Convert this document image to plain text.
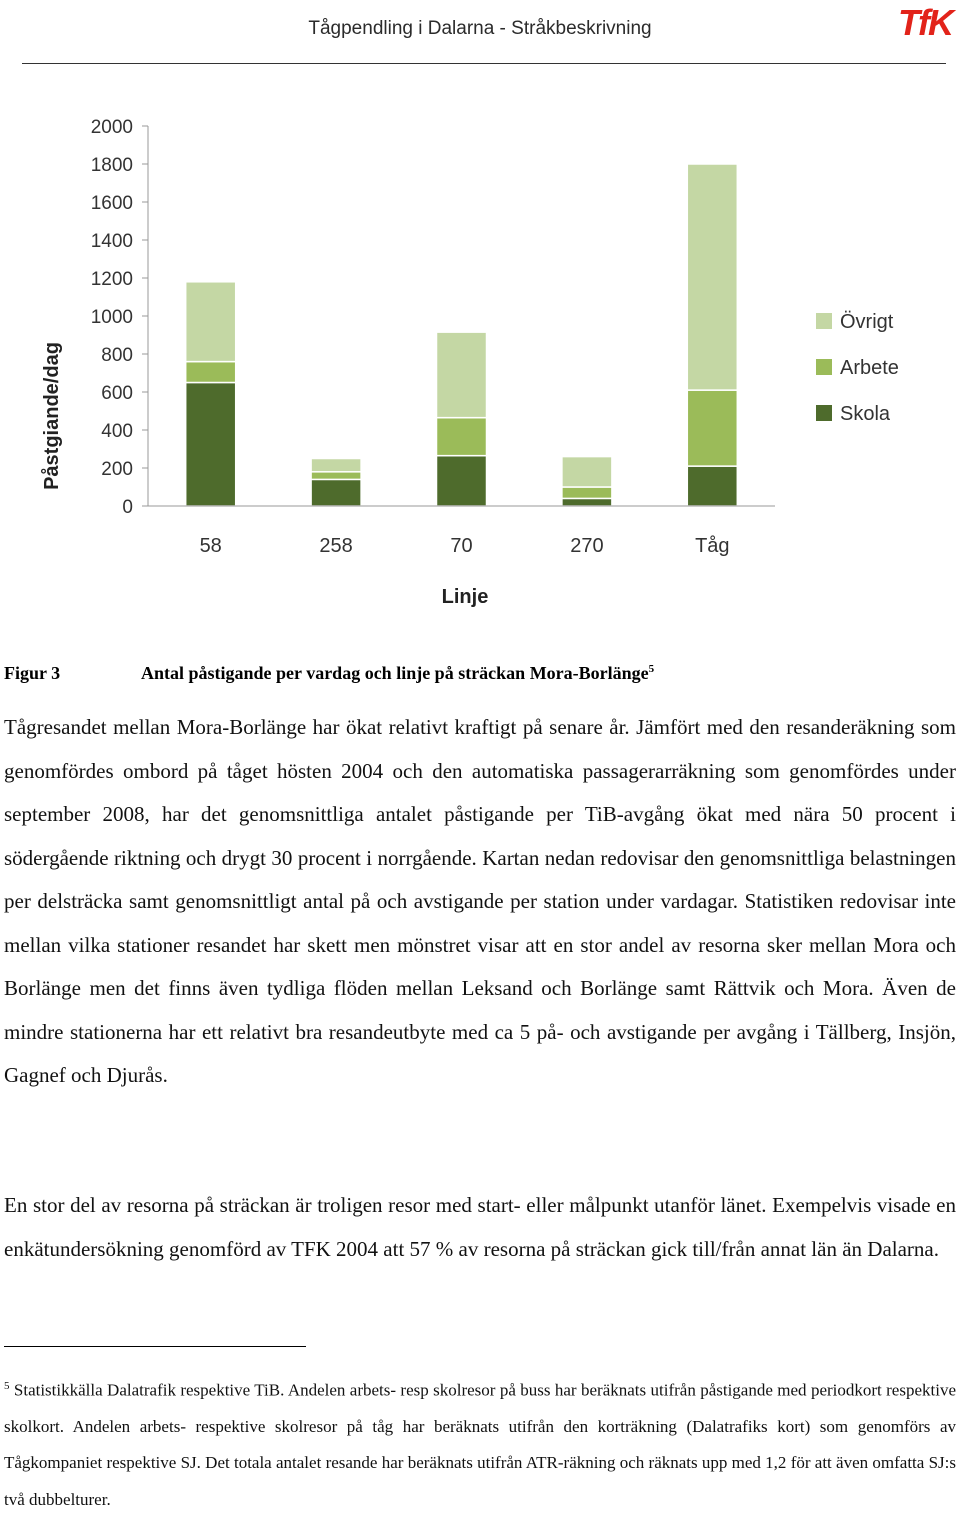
Tågpendling i Dalarna - Stråkbeskrivning	TfK
0
200
400
600
800
1000
1200
1400
1600
1800
2000
58	258	70	270	Tåg
Övrigt
Arbete
Skola
Påstgiande/dag
Linje
Figur 3	Antal påstigande per vardag och linje på sträckan Mora-Borlänge$^5$
Tågresandet mellan Mora-Borlänge har ökat relativt kraftigt på senare år. Jämfört med den resanderäkning som genomfördes ombord på tåget hösten 2004 och den automatiska passagerarräkning som genomfördes under september 2008, har det genomsnittliga antalet påstigande per TiB-avgång ökat med nära 50 procent i södergående riktning och drygt 30 procent i norrgående. Kartan nedan redovisar den genomsnittliga belastningen per delsträcka samt genomsnittligt antal på och avstigande per station under vardagar. Statistiken redovisar inte mellan vilka stationer resandet har skett men mönstret visar att en stor andel av resorna sker mellan Mora och Borlänge men det finns även tydliga flöden mellan Leksand och Borlänge samt Rättvik och Mora. Även de mindre stationerna har ett relativt bra resandeutbyte med ca 5 på- och avstigande per avgång i Tällberg, Insjön, Gagnef och Djurås.
En stor del av resorna på sträckan är troligen resor med start- eller målpunkt utanför länet. Exempelvis visade en enkätundersökning genomförd av TFK 2004 att 57 % av resorna på sträckan gick till/från annat län än Dalarna.
$^5$ Statistikkälla Dalatrafik respektive TiB. Andelen arbets- resp skolresor på buss har beräknats utifrån påstigande med periodkort respektive skolkort. Andelen arbets- respektive skolresor på tåg har beräknats utifrån den korträkning (Dalatrafiks kort) som genomförs av Tågkompaniet respektive SJ. Det totala antalet resande har beräknats utifrån ATR-räkning och räknats upp med 1,2 för att även omfatta SJ:s två dubbelturer.
